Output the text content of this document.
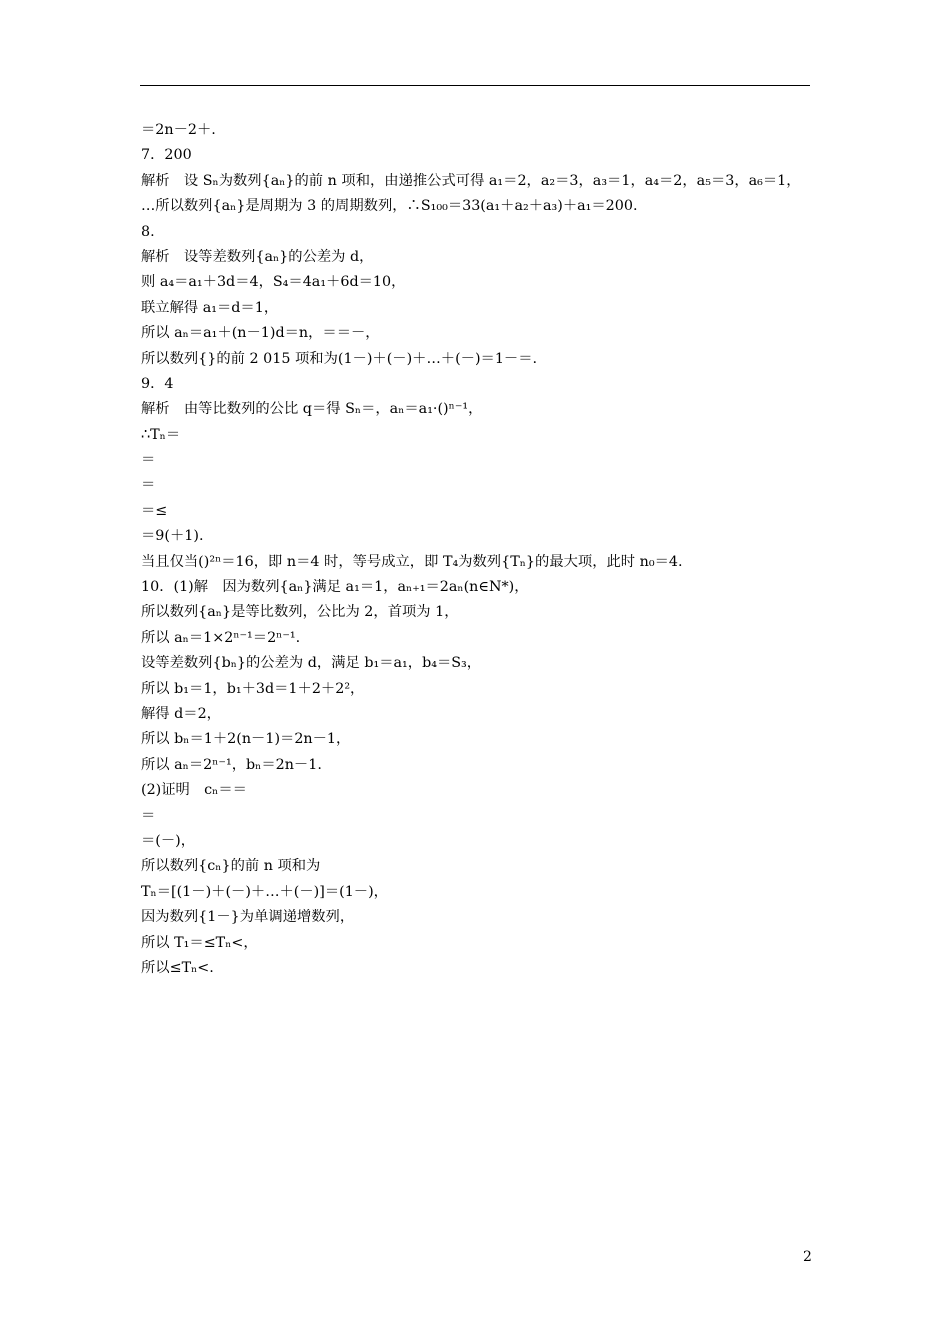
＝2n－2＋.
7．200
解析　设 Sₙ为数列{aₙ}的前 n 项和，由递推公式可得 a₁＝2，a₂＝3，a₃＝1，a₄＝2，a₅＝3，a₆＝1，
…所以数列{aₙ}是周期为 3 的周期数列，∴S₁₀₀＝33(a₁＋a₂＋a₃)＋a₁＝200.
8.
解析　设等差数列{aₙ}的公差为 d，
则 a₄＝a₁＋3d＝4，S₄＝4a₁＋6d＝10，
联立解得 a₁＝d＝1，
所以 aₙ＝a₁＋(n－1)d＝n，＝＝－，
所以数列{}的前 2 015 项和为(1－)＋(－)＋…＋(－)＝1－＝.
9．4
解析　由等比数列的公比 q＝得 Sₙ＝，aₙ＝a₁·()ⁿ⁻¹，
∴Tₙ＝
＝
＝
＝≤
＝9(＋1).
当且仅当()²ⁿ＝16，即 n＝4 时，等号成立，即 T₄为数列{Tₙ}的最大项，此时 n₀＝4.
10．(1)解　因为数列{aₙ}满足 a₁＝1，aₙ₊₁＝2aₙ(n∈N*)，
所以数列{aₙ}是等比数列，公比为 2，首项为 1，
所以 aₙ＝1×2ⁿ⁻¹＝2ⁿ⁻¹.
设等差数列{bₙ}的公差为 d，满足 b₁＝a₁，b₄＝S₃，
所以 b₁＝1，b₁＋3d＝1＋2＋2²，
解得 d＝2，
所以 bₙ＝1＋2(n－1)＝2n－1，
所以 aₙ＝2ⁿ⁻¹，bₙ＝2n－1.
(2)证明　cₙ＝＝
＝
＝(－)，
所以数列{cₙ}的前 n 项和为
Tₙ＝[(1－)＋(－)＋…＋(－)]＝(1－)，
因为数列{1－}为单调递增数列，
所以 T₁＝≤Tₙ<，
所以≤Tₙ<.
2
